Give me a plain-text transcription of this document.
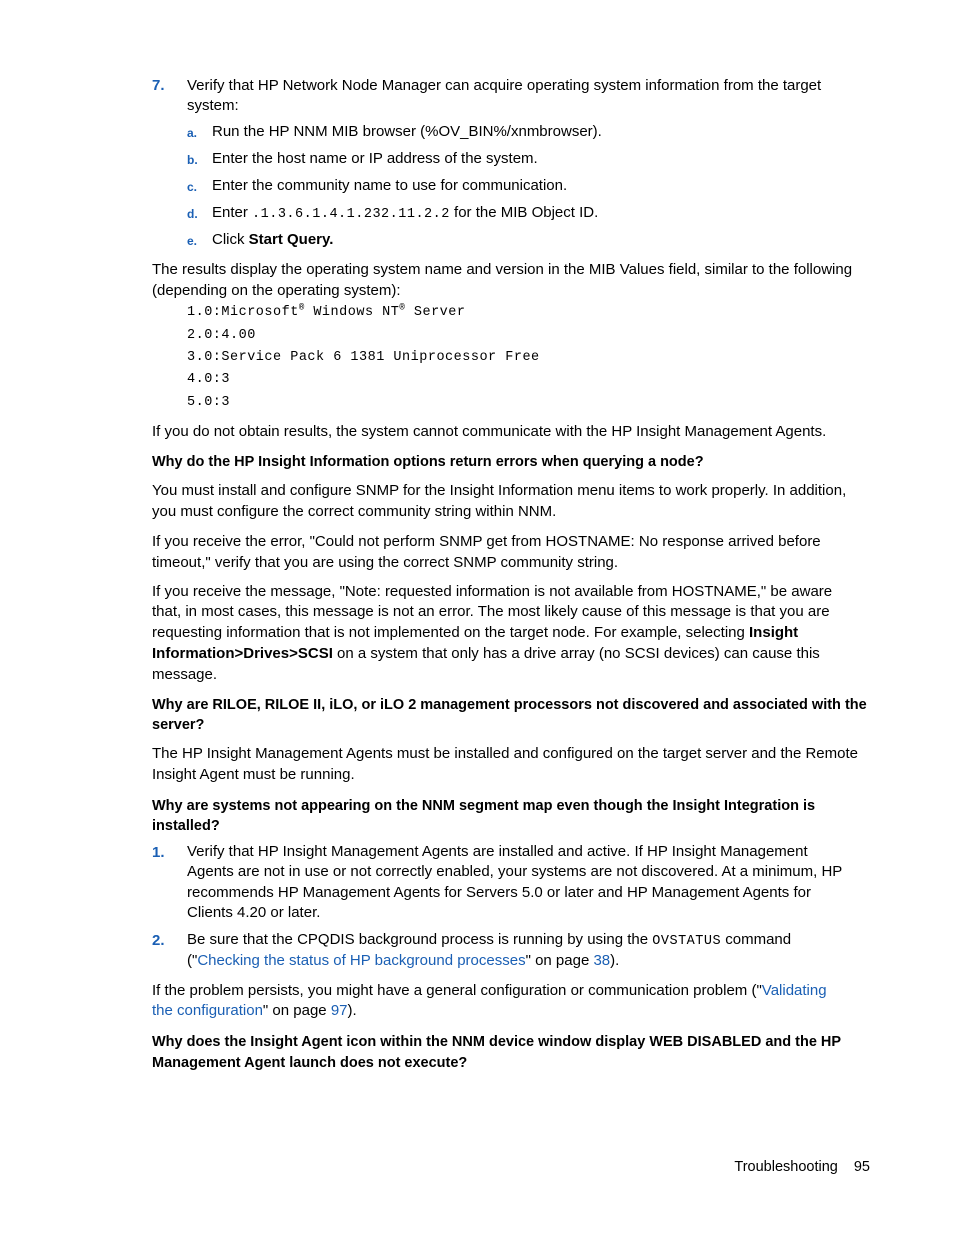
7. Verify that HP Network Node Manager can acquire operating system information from the target
system:
a. Run the HP NNM MIB browser (%OV_BIN%/xnmbrowser).
b. Enter the host name or IP address of the system.
c. Enter the community name to use for communication.
d. Enter .1.3.6.1.4.1.232.11.2.2 for the MIB Object ID.
e. Click Start Query.
The results display the operating system name and version in the MIB Values field, similar to the following
(depending on the operating system):
1.0:Microsoft® Windows NT® Server
2.0:4.00
3.0:Service Pack 6 1381 Uniprocessor Free
4.0:3
5.0:3
If you do not obtain results, the system cannot communicate with the HP Insight Management Agents.
Why do the HP Insight Information options return errors when querying a node?
You must install and configure SNMP for the Insight Information menu items to work properly. In addition,
you must configure the correct community string within NNM.
If you receive the error, "Could not perform SNMP get from HOSTNAME: No response arrived before
timeout," verify that you are using the correct SNMP community string.
If you receive the message, "Note: requested information is not available from HOSTNAME," be aware
that, in most cases, this message is not an error. The most likely cause of this message is that you are
requesting information that is not implemented on the target node. For example, selecting Insight
Information>Drives>SCSI on a system that only has a drive array (no SCSI devices) can cause this
message.
Why are RILOE, RILOE II, iLO, or iLO 2 management processors not discovered and associated with the
server?
The HP Insight Management Agents must be installed and configured on the target server and the Remote
Insight Agent must be running.
Why are systems not appearing on the NNM segment map even though the Insight Integration is
installed?
1. Verify that HP Insight Management Agents are installed and active. If HP Insight Management
Agents are not in use or not correctly enabled, your systems are not discovered. At a minimum, HP
recommends HP Management Agents for Servers 5.0 or later and HP Management Agents for
Clients 4.20 or later.
2. Be sure that the CPQDIS background process is running by using the OVSTATUS command
("Checking the status of HP background processes" on page 38).
If the problem persists, you might have a general configuration or communication problem ("Validating
the configuration" on page 97).
Why does the Insight Agent icon within the NNM device window display WEB DISABLED and the HP
Management Agent launch does not execute?
Troubleshooting 95
